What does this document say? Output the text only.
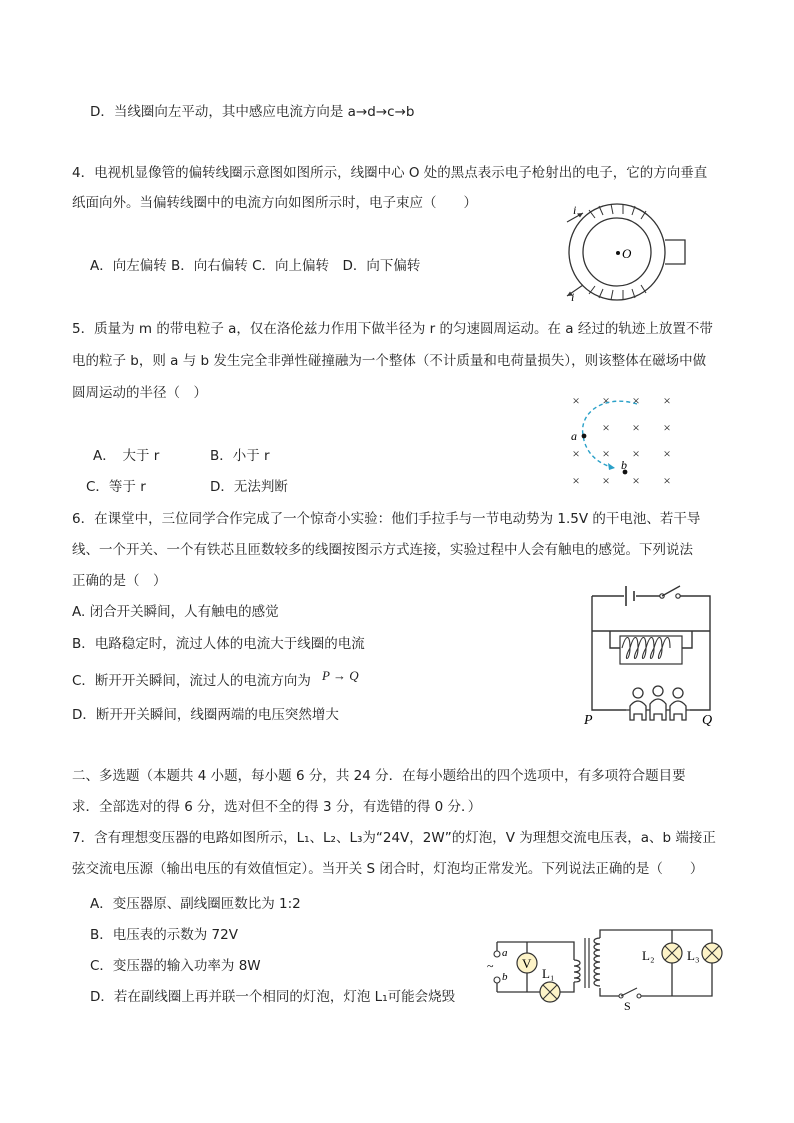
D．当线圈向左平动，其中感应电流方向是 a→d→c→b
4．电视机显像管的偏转线圈示意图如图所示，线圈中心 O 处的黑点表示电子枪射出的电子，它的方向垂直
纸面向外。当偏转线圈中的电流方向如图所示时，电子束应（　　）
A．向左偏转 B．向右偏转 C．向上偏转　D．向下偏转
i
i
O
5．质量为 m 的带电粒子 a，仅在洛伦兹力作用下做半径为 r 的匀速圆周运动。在 a 经过的轨迹上放置不带
电的粒子 b，则 a 与 b 发生完全非弹性碰撞融为一个整体（不计质量和电荷量损失），则该整体在磁场中做
圆周运动的半径（　）
A．　大于 r	B．小于 r
C．等于 r	D．无法判断
× × × ×
× × ×
× × × ×
× × × ×
a
b
6．在课堂中，三位同学合作完成了一个惊奇小实验：他们手拉手与一节电动势为 1.5V 的干电池、若干导
线、一个开关、一个有铁芯且匝数较多的线圈按图示方式连接，实验过程中人会有触电的感觉。下列说法
正确的是（　）
A. 闭合开关瞬间，人有触电的感觉
B．电路稳定时，流过人体的电流大于线圈的电流
C．断开开关瞬间，流过人的电流方向为 P → Q
D．断开开关瞬间，线圈两端的电压突然增大	P	Q
二、多选题（本题共 4 小题，每小题 6 分，共 24 分．在每小题给出的四个选项中，有多项符合题目要
求．全部选对的得 6 分，选对但不全的得 3 分，有选错的得 0 分．）
7．含有理想变压器的电路如图所示，L₁、L₂、L₃为“24V，2W”的灯泡，V 为理想交流电压表，a、b 端接正
弦交流电压源（输出电压的有效值恒定）。当开关 S 闭合时，灯泡均正常发光。下列说法正确的是（　　）
A．变压器原、副线圈匝数比为 1:2
B．电压表的示数为 72V
C．变压器的输入功率为 8W
D．若在副线圈上再并联一个相同的灯泡，灯泡 L₁可能会烧毁
a
~
b
V
L₁
L₂	L₃
S
